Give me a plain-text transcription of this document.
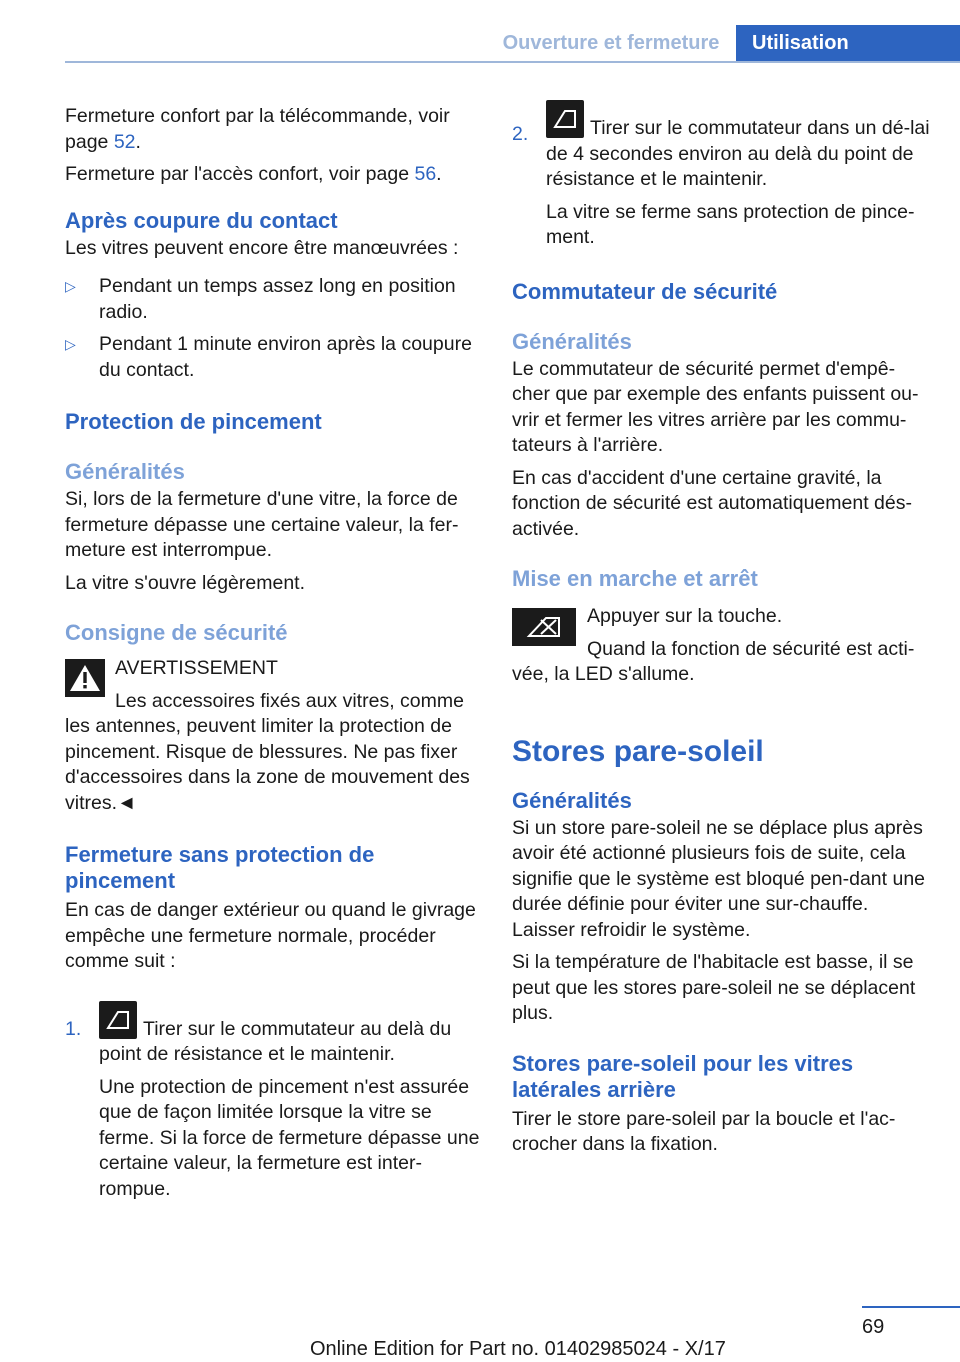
Ouverture et fermeture	Utilisation

Fermeture confort par la télécommande, voir page 52.

Fermeture par l'accès confort, voir page 56.

Après coupure du contact

Les vitres peuvent encore être manœuvrées :

▷	Pendant un temps assez long en position radio.

▷	Pendant 1 minute environ après la coupure du contact.

Protection de pincement
Généralités

Si, lors de la fermeture d'une vitre, la force de fermeture dépasse une certaine valeur, la fer-meture est interrompue.

La vitre s'ouvre légèrement.

Consigne de sécurité

AVERTISSEMENT

Les accessoires fixés aux vitres, comme les antennes, peuvent limiter la protection de pincement. Risque de blessures. Ne pas fixer d'accessoires dans la zone de mouvement des vitres.◄

Fermeture sans protection de pincement

En cas de danger extérieur ou quand le givrage empêche une fermeture normale, procéder comme suit :

1.	Tirer sur le commutateur au delà du point de résistance et le maintenir.

Une protection de pincement n'est assurée que de façon limitée lorsque la vitre se ferme. Si la force de fermeture dépasse une certaine valeur, la fermeture est inter-rompue.

2.	Tirer sur le commutateur dans un dé-lai de 4 secondes environ au delà du point de résistance et le maintenir.

La vitre se ferme sans protection de pince-ment.

Commutateur de sécurité
Généralités

Le commutateur de sécurité permet d'empê-cher que par exemple des enfants puissent ou-vrir et fermer les vitres arrière par les commu-tateurs à l'arrière.

En cas d'accident d'une certaine gravité, la fonction de sécurité est automatiquement dés-activée.

Mise en marche et arrêt

Appuyer sur la touche.

Quand la fonction de sécurité est acti-vée, la LED s'allume.

Stores pare-soleil
Généralités

Si un store pare-soleil ne se déplace plus après avoir été actionné plusieurs fois de suite, cela signifie que le système est bloqué pen-dant une durée définie pour éviter une sur-chauffe. Laisser refroidir le système.

Si la température de l'habitacle est basse, il se peut que les stores pare-soleil ne se déplacent plus.

Stores pare-soleil pour les vitres latérales arrière

Tirer le store pare-soleil par la boucle et l'ac-crocher dans la fixation.

69
Online Edition for Part no. 01402985024 - X/17
